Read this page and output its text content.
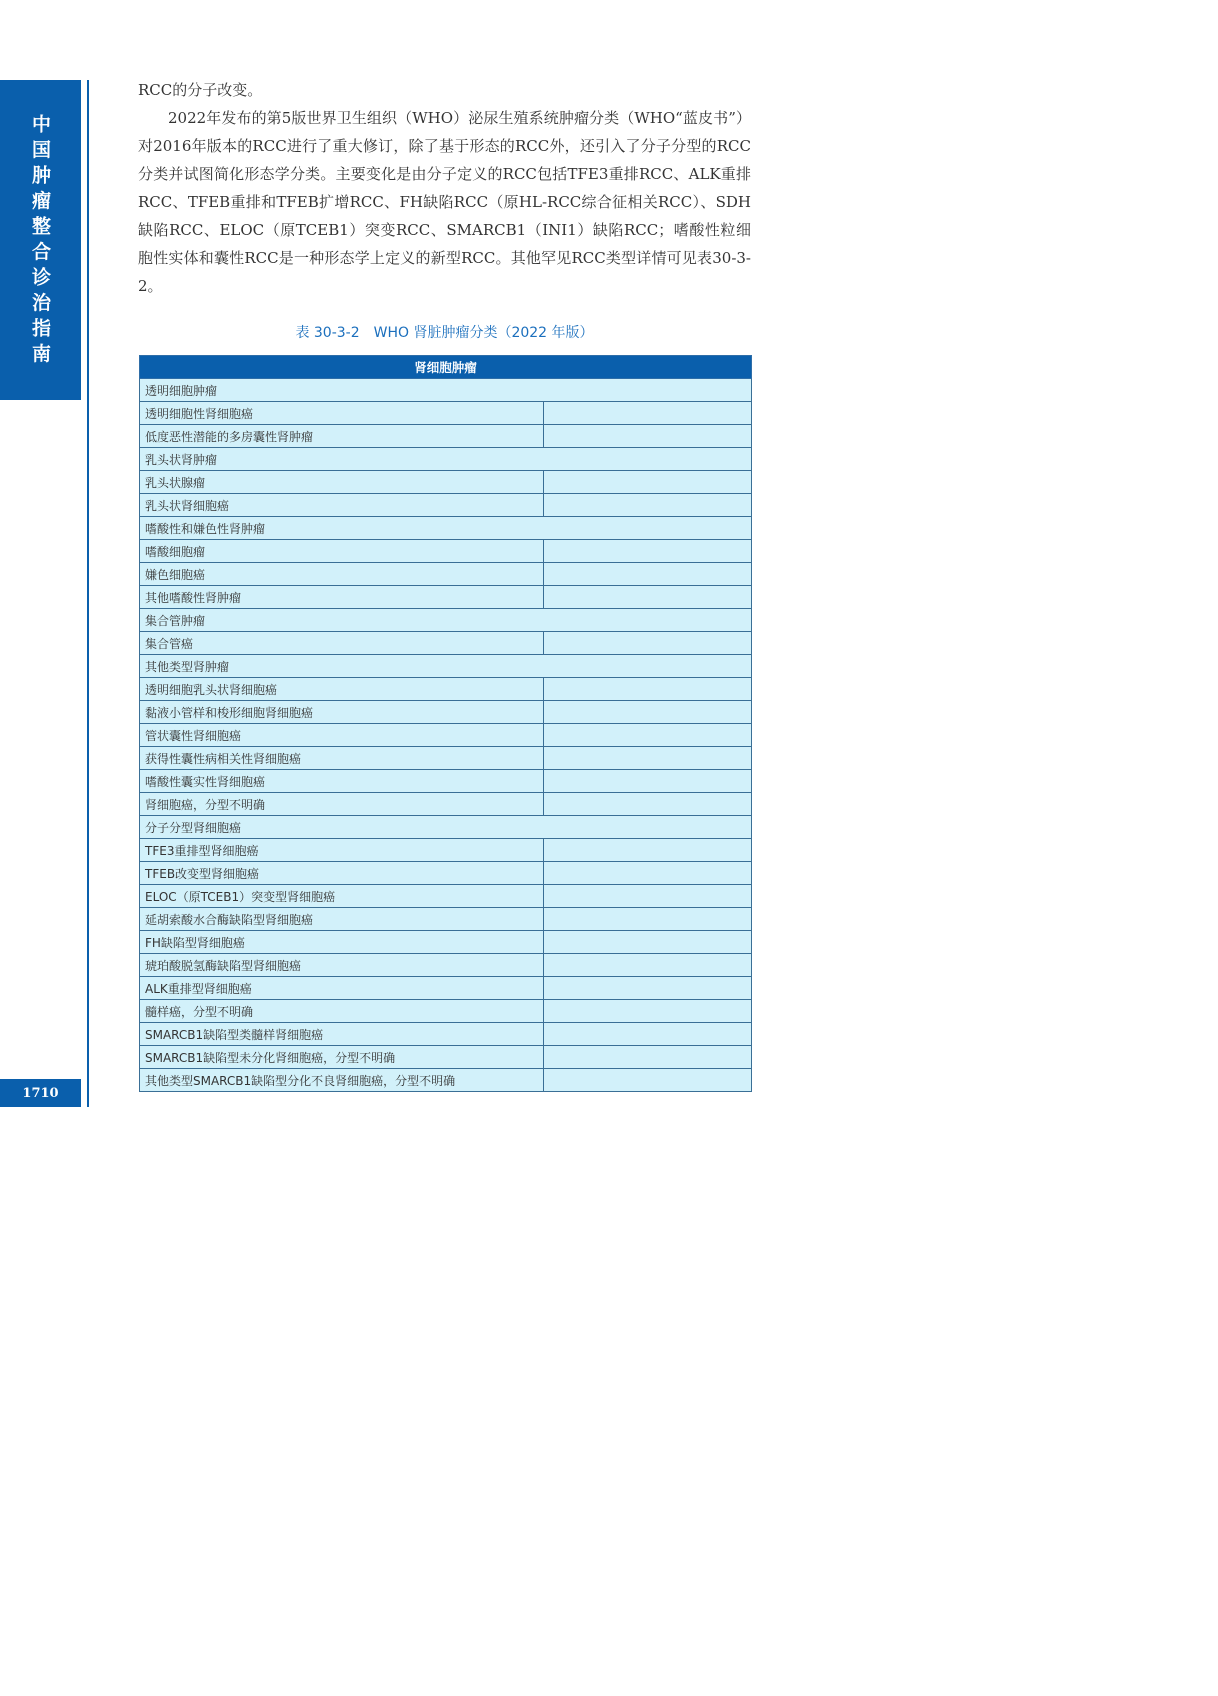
中国肿瘤整合诊治指南
1710

RCC的分子改变。

2022年发布的第5版世界卫生组织（WHO）泌尿生殖系统肿瘤分类（WHO“蓝皮书”）对2016年版本的RCC进行了重大修订，除了基于形态的RCC外，还引入了分子分型的RCC分类并试图简化形态学分类。主要变化是由分子定义的RCC包括TFE3重排RCC、ALK重排RCC、TFEB重排和TFEB扩增RCC、FH缺陷RCC（原HL-RCC综合征相关RCC）、SDH缺陷RCC、ELOC（原TCEB1）突变RCC、SMARCB1（INI1）缺陷RCC；嗜酸性粒细胞性实体和囊性RCC是一种形态学上定义的新型RCC。其他罕见RCC类型详情可见表30-3-2。

表 30-3-2　WHO 肾脏肿瘤分类（2022 年版）
肾细胞肿瘤	
透明细胞肿瘤	
透明细胞性肾细胞癌	
低度恶性潜能的多房囊性肾肿瘤	
乳头状肾肿瘤	
乳头状腺瘤	
乳头状肾细胞癌	
嗜酸性和嫌色性肾肿瘤	
嗜酸细胞瘤	
嫌色细胞癌	
其他嗜酸性肾肿瘤	
集合管肿瘤	
集合管癌	
其他类型肾肿瘤	
透明细胞乳头状肾细胞癌	
黏液小管样和梭形细胞肾细胞癌	
管状囊性肾细胞癌	
获得性囊性病相关性肾细胞癌	
嗜酸性囊实性肾细胞癌	
肾细胞癌，分型不明确	
分子分型肾细胞癌	
TFE3重排型肾细胞癌	
TFEB改变型肾细胞癌	
ELOC（原TCEB1）突变型肾细胞癌	
延胡索酸水合酶缺陷型肾细胞癌	
FH缺陷型肾细胞癌	
琥珀酸脱氢酶缺陷型肾细胞癌	
ALK重排型肾细胞癌	
髓样癌，分型不明确	
SMARCB1缺陷型类髓样肾细胞癌	
SMARCB1缺陷型未分化肾细胞癌，分型不明确	
其他类型SMARCB1缺陷型分化不良肾细胞癌，分型不明确	
